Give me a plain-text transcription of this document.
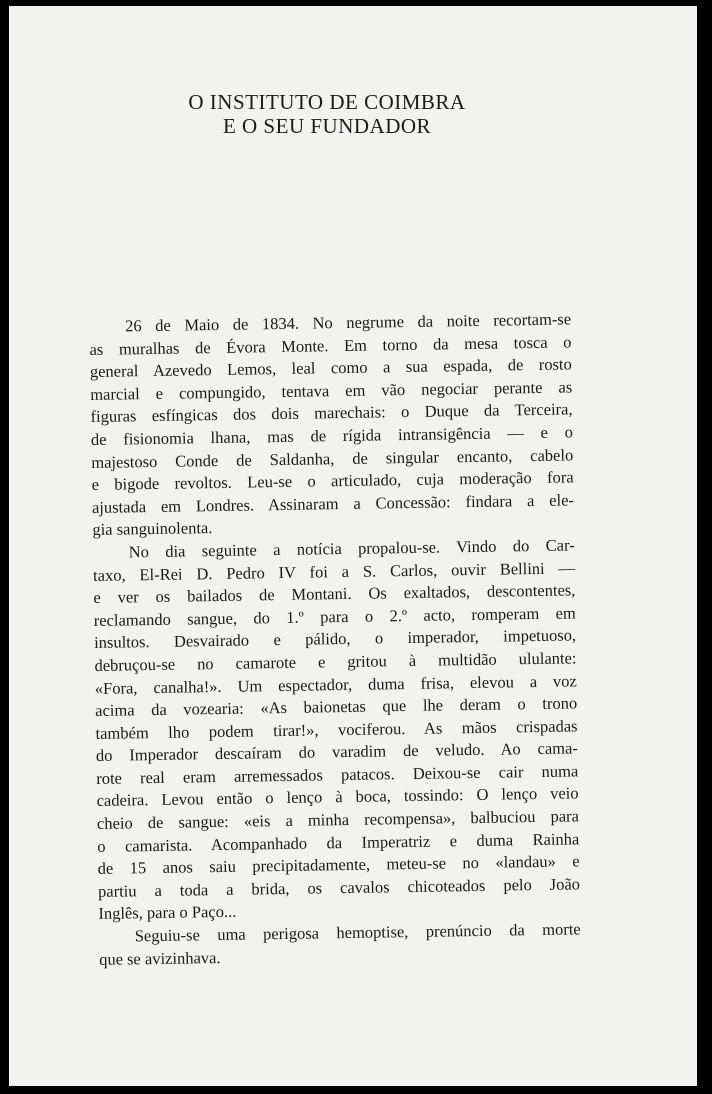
O INSTITUTO DE COIMBRA
E O SEU FUNDADOR
26 de Maio de 1834. No negrume da noite recortam-se
as muralhas de Évora Monte. Em torno da mesa tosca o
general Azevedo Lemos, leal como a sua espada, de rosto
marcial e compungido, tentava em vão negociar perante as
figuras esfíngicas dos dois marechais: o Duque da Terceira,
de fisionomia lhana, mas de rígida intransigência — e o
majestoso Conde de Saldanha, de singular encanto, cabelo
e bigode revoltos. Leu-se o articulado, cuja moderação fora
ajustada em Londres. Assinaram a Concessão: findara a ele-
gia sanguinolenta.
No dia seguinte a notícia propalou-se. Vindo do Car-
taxo, El-Rei D. Pedro IV foi a S. Carlos, ouvir Bellini —
e ver os bailados de Montani. Os exaltados, descontentes,
reclamando sangue, do 1.º para o 2.º acto, romperam em
insultos. Desvairado e pálido, o imperador, impetuoso,
debruçou-se no camarote e gritou à multidão ululante:
«Fora, canalha!». Um espectador, duma frisa, elevou a voz
acima da vozearia: «As baionetas que lhe deram o trono
também lho podem tirar!», vociferou. As mãos crispadas
do Imperador descaíram do varadim de veludo. Ao cama-
rote real eram arremessados patacos. Deixou-se cair numa
cadeira. Levou então o lenço à boca, tossindo: O lenço veio
cheio de sangue: «eis a minha recompensa», balbuciou para
o camarista. Acompanhado da Imperatriz e duma Rainha
de 15 anos saiu precipitadamente, meteu-se no «landau» e
partiu a toda a brida, os cavalos chicoteados pelo João
Inglês, para o Paço...
Seguiu-se uma perigosa hemoptise, prenúncio da morte
que se avizinhava.
